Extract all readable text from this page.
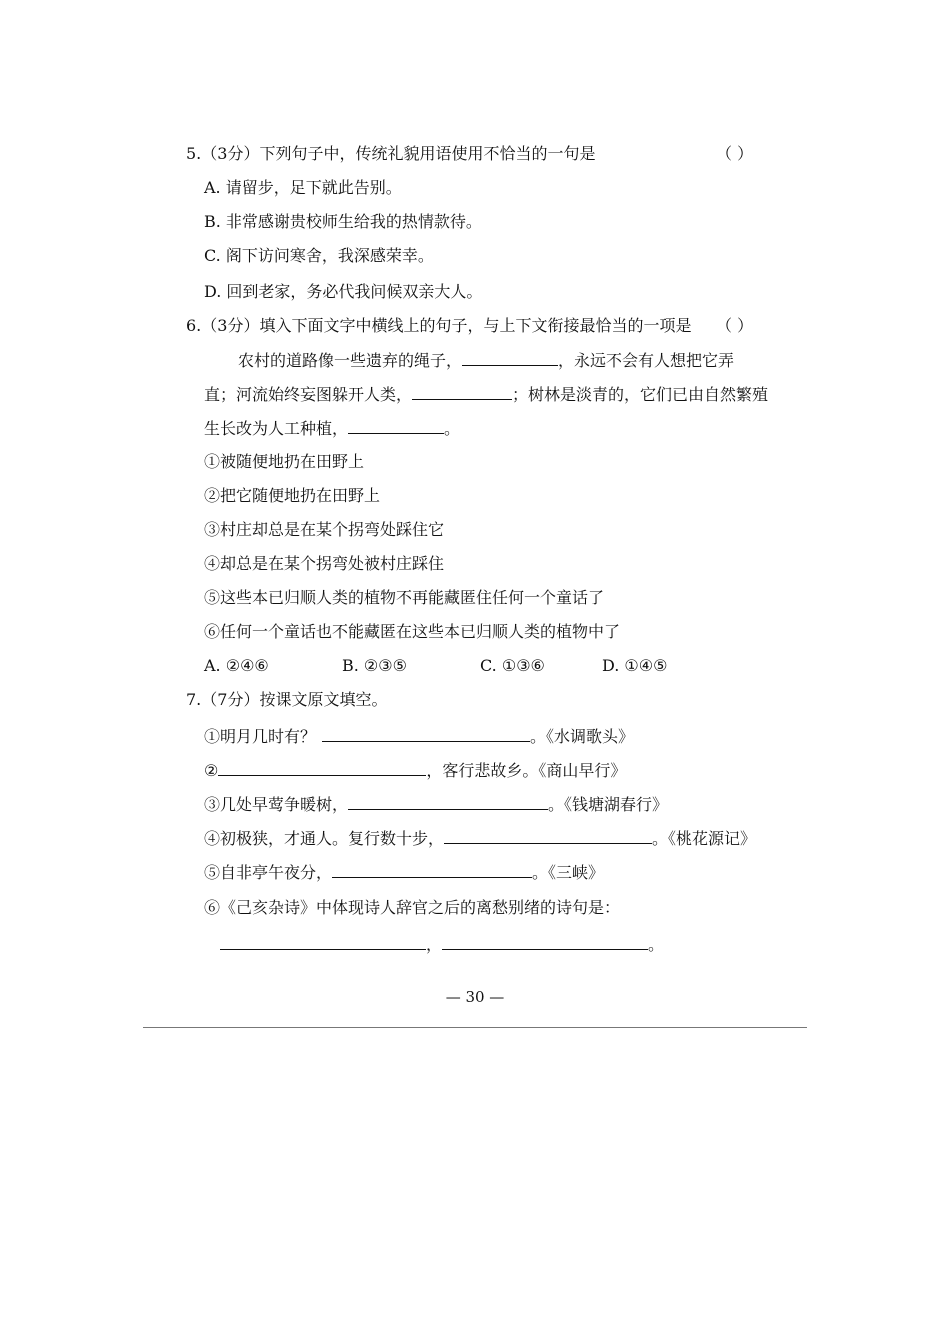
5.（3分）下列句子中，传统礼貌用语使用不恰当的一句是	（ ）
A. 请留步，足下就此告别。
B. 非常感谢贵校师生给我的热情款待。
C. 阁下访问寒舍，我深感荣幸。
D. 回到老家，务必代我问候双亲大人。
6.（3分）填入下面文字中横线上的句子，与上下文衔接最恰当的一项是 （ ）
农村的道路像一些遗弃的绳子，	，永远不会有人想把它弄
直；河流始终妄图躲开人类，	；树林是淡青的，它们已由自然繁殖
生长改为人工种植，	。
①被随便地扔在田野上
②把它随便地扔在田野上
③村庄却总是在某个拐弯处踩住它
④却总是在某个拐弯处被村庄踩住
⑤这些本已归顺人类的植物不再能藏匿住任何一个童话了
⑥任何一个童话也不能藏匿在这些本已归顺人类的植物中了
A. ②④⑥	B. ②③⑤	C. ①③⑥	D. ①④⑤
7.（7分）按课文原文填空。
①明月几时有？	。《水调歌头》
②	，客行悲故乡。《商山早行》
③几处早莺争暖树，	。《钱塘湖春行》
④初极狭，才通人。复行数十步，	。《桃花源记》
⑤自非亭午夜分，	。《三峡》
⑥《己亥杂诗》中体现诗人辞官之后的离愁别绪的诗句是：
，	。
— 30 —
